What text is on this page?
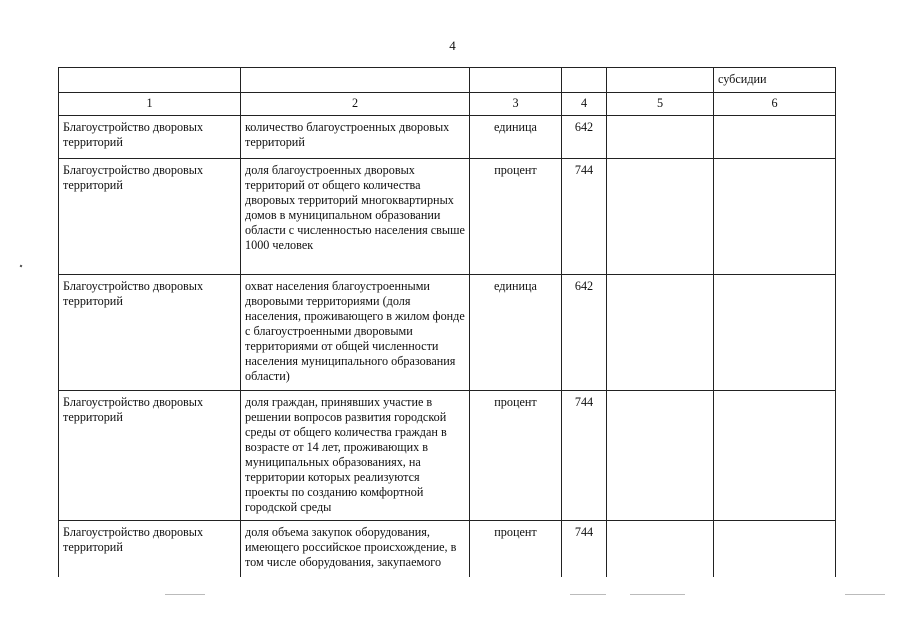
4
					субсидии
1	2	3	4	5	6
Благоустройство дворовых территорий	количество благоустроенных дворовых территорий	единица	642		
Благоустройство дворовых территорий	доля благоустроенных дворовых территорий от общего количества дворовых территорий многоквартирных домов в муниципальном образовании области с численностью населения свыше 1000 человек	процент	744		
Благоустройство дворовых территорий	охват населения благоустроенными дворовыми территориями (доля населения, проживающего в жилом фонде с благоустроенными дворовыми территориями от общей численности населения муниципального образования области)	единица	642		
Благоустройство дворовых территорий	доля граждан, принявших участие в решении вопросов развития городской среды от общего количества граждан в возрасте от 14 лет, проживающих в муниципальных образованиях, на территории которых реализуются проекты по созданию комфортной городской среды	процент	744		
Благоустройство дворовых территорий	доля объема закупок оборудования, имеющего российское происхождение, в том числе оборудования, закупаемого	процент	744		
